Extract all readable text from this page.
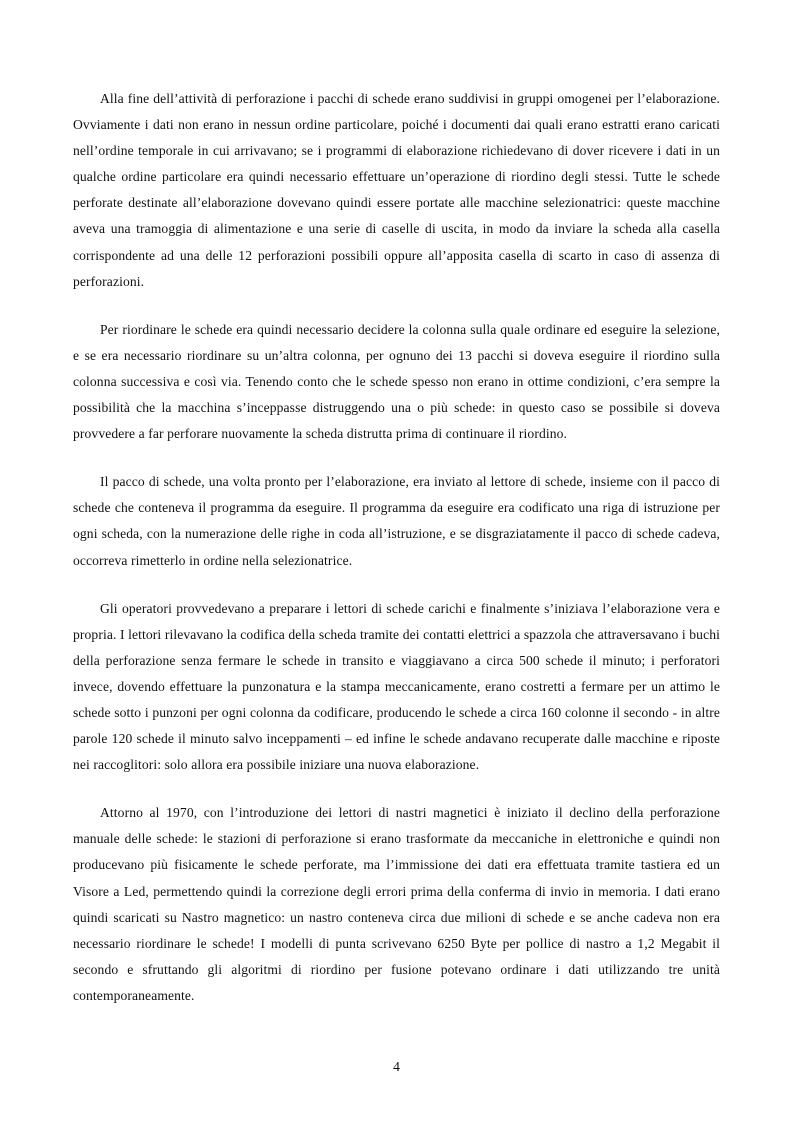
Alla fine dell’attività di perforazione i pacchi di schede erano suddivisi in gruppi omogenei per l’elaborazione. Ovviamente i dati non erano in nessun ordine particolare, poiché i documenti dai quali erano estratti erano caricati nell’ordine temporale in cui arrivavano; se i programmi di elaborazione richiedevano di dover ricevere i dati in un qualche ordine particolare era quindi necessario effettuare un’operazione di riordino degli stessi. Tutte le schede perforate destinate all’elaborazione dovevano quindi essere portate alle macchine selezionatrici: queste macchine aveva una tramoggia di alimentazione e una serie di caselle di uscita, in modo da inviare la scheda alla casella corrispondente ad una delle 12 perforazioni possibili oppure all’apposita casella di scarto in caso di assenza di perforazioni.

Per riordinare le schede era quindi necessario decidere la colonna sulla quale ordinare ed eseguire la selezione, e se era necessario riordinare su un’altra colonna, per ognuno dei 13 pacchi si doveva eseguire il riordino sulla colonna successiva e così via. Tenendo conto che le schede spesso non erano in ottime condizioni, c’era sempre la possibilità che la macchina s’inceppasse distruggendo una o più schede: in questo caso se possibile si doveva provvedere a far perforare nuovamente la scheda distrutta prima di continuare il riordino.

Il pacco di schede, una volta pronto per l’elaborazione, era inviato al lettore di schede, insieme con il pacco di schede che conteneva il programma da eseguire. Il programma da eseguire era codificato una riga di istruzione per ogni scheda, con la numerazione delle righe in coda all’istruzione, e se disgraziatamente il pacco di schede cadeva, occorreva rimetterlo in ordine nella selezionatrice.

Gli operatori provvedevano a preparare i lettori di schede carichi e finalmente s’iniziava l’elaborazione vera e propria. I lettori rilevavano la codifica della scheda tramite dei contatti elettrici a spazzola che attraversavano i buchi della perforazione senza fermare le schede in transito e viaggiavano a circa 500 schede il minuto; i perforatori invece, dovendo effettuare la punzonatura e la stampa meccanicamente, erano costretti a fermare per un attimo le schede sotto i punzoni per ogni colonna da codificare, producendo le schede a circa 160 colonne il secondo - in altre parole 120 schede il minuto salvo inceppamenti – ed infine le schede andavano recuperate dalle macchine e riposte nei raccoglitori: solo allora era possibile iniziare una nuova elaborazione.

Attorno al 1970, con l’introduzione dei lettori di nastri magnetici è iniziato il declino della perforazione manuale delle schede: le stazioni di perforazione si erano trasformate da meccaniche in elettroniche e quindi non producevano più fisicamente le schede perforate, ma l’immissione dei dati era effettuata tramite tastiera ed un Visore a Led, permettendo quindi la correzione degli errori prima della conferma di invio in memoria. I dati erano quindi scaricati su Nastro magnetico: un nastro conteneva circa due milioni di schede e se anche cadeva non era necessario riordinare le schede! I modelli di punta scrivevano 6250 Byte per pollice di nastro a 1,2 Megabit il secondo e sfruttando gli algoritmi di riordino per fusione potevano ordinare i dati utilizzando tre unità contemporaneamente.

4
